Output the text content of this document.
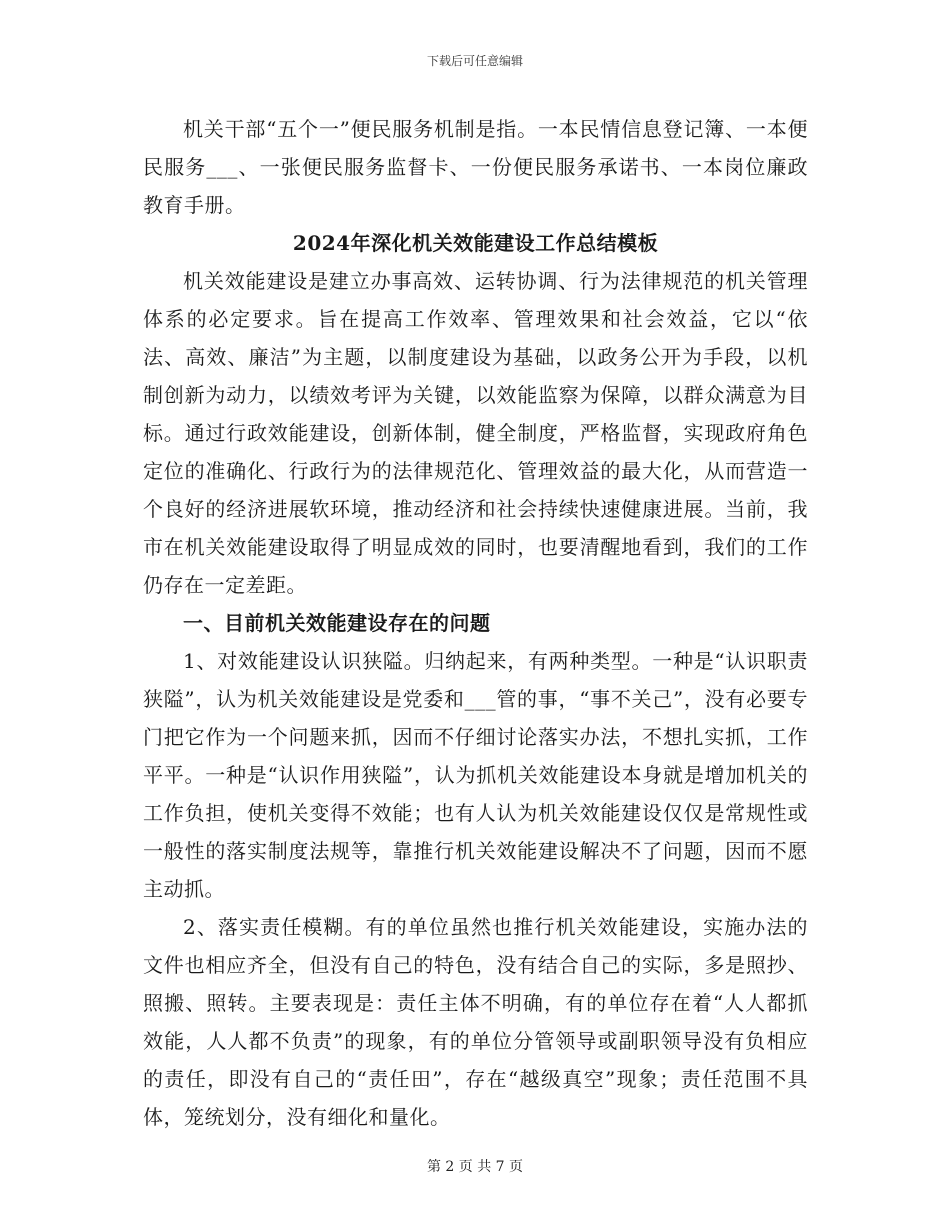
下载后可任意编辑

机关干部“五个一”便民服务机制是指。一本民情信息登记簿、一本便民服务___、一张便民服务监督卡、一份便民服务承诺书、一本岗位廉政教育手册。

2024年深化机关效能建设工作总结模板

机关效能建设是建立办事高效、运转协调、行为法律规范的机关管理体系的必定要求。旨在提高工作效率、管理效果和社会效益，它以“依法、高效、廉洁”为主题，以制度建设为基础，以政务公开为手段，以机制创新为动力，以绩效考评为关键，以效能监察为保障，以群众满意为目标。通过行政效能建设，创新体制，健全制度，严格监督，实现政府角色定位的准确化、行政行为的法律规范化、管理效益的最大化，从而营造一个良好的经济进展软环境，推动经济和社会持续快速健康进展。当前，我市在机关效能建设取得了明显成效的同时，也要清醒地看到，我们的工作仍存在一定差距。

一、目前机关效能建设存在的问题

1、对效能建设认识狭隘。归纳起来，有两种类型。一种是“认识职责狭隘”，认为机关效能建设是党委和___管的事，“事不关己”，没有必要专门把它作为一个问题来抓，因而不仔细讨论落实办法，不想扎实抓，工作平平。一种是“认识作用狭隘”，认为抓机关效能建设本身就是增加机关的工作负担，使机关变得不效能；也有人认为机关效能建设仅仅是常规性或一般性的落实制度法规等，靠推行机关效能建设解决不了问题，因而不愿主动抓。

2、落实责任模糊。有的单位虽然也推行机关效能建设，实施办法的文件也相应齐全，但没有自己的特色，没有结合自己的实际，多是照抄、照搬、照转。主要表现是：责任主体不明确，有的单位存在着“人人都抓效能，人人都不负责”的现象，有的单位分管领导或副职领导没有负相应的责任，即没有自己的“责任田”，存在“越级真空”现象；责任范围不具体，笼统划分，没有细化和量化。

第 2 页 共 7 页
